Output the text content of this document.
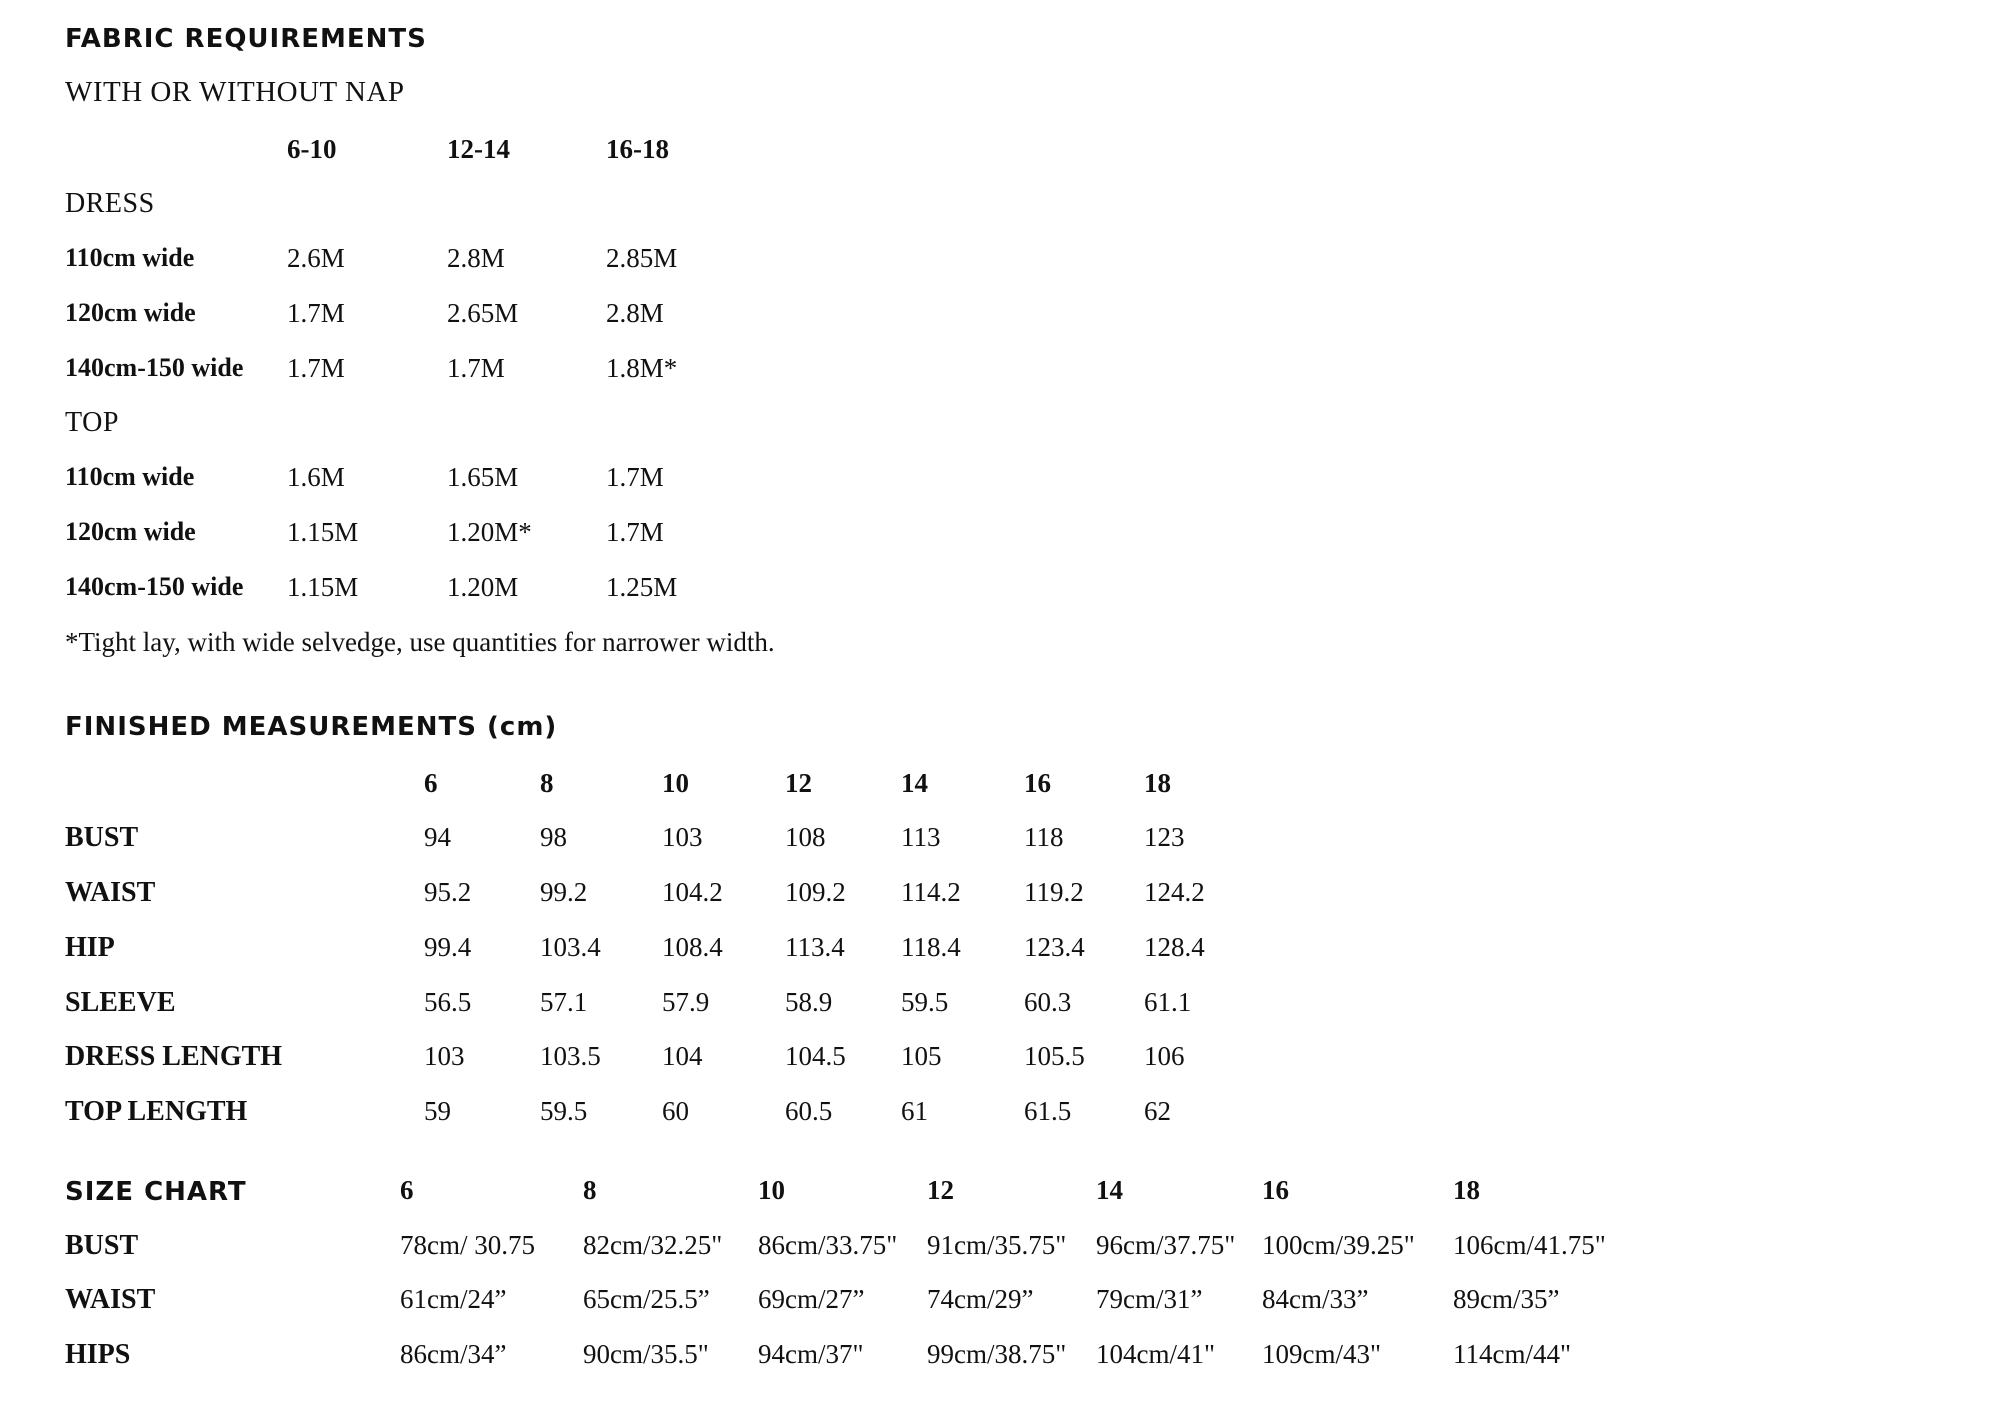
FABRIC REQUIREMENTS
WITH OR WITHOUT NAP
6-10	12-14	16-18
DRESS
110cm wide	2.6M	2.8M	2.85M
120cm wide	1.7M	2.65M	2.8M
140cm-150 wide 1.7M	1.7M	1.8M*
TOP
110cm wide	1.6M	1.65M	1.7M
120cm wide	1.15M	1.20M*	1.7M
140cm-150 wide 1.15M	1.20M	1.25M
*Tight lay, with wide selvedge, use quantities for narrower width.
FINISHED MEASUREMENTS (cm)
6	8	10	12	14	16	18
BUST	94	98	103	108	113	118	123
WAIST	95.2	99.2	104.2 109.2 114.2 119.2 124.2
HIP	99.4	103.4 108.4 113.4 118.4 123.4 128.4
SLEEVE	56.5	57.1	57.9	58.9	59.5	60.3	61.1
DRESS LENGTH	103	103.5 104	104.5 105	105.5 106
TOP LENGTH	59	59.5	60	60.5	61	61.5	62
SIZE CHART	6	8	10	12	14	16	18
BUST	78cm/ 30.75 82cm/32.25" 86cm/33.75" 91cm/35.75" 96cm/37.75" 100cm/39.25" 106cm/41.75"
WAIST	61cm/24”	65cm/25.5” 69cm/27” 74cm/29” 79cm/31” 84cm/33”	89cm/35”
HIPS	86cm/34”	90cm/35.5" 94cm/37" 99cm/38.75" 104cm/41" 109cm/43"	114cm/44"
